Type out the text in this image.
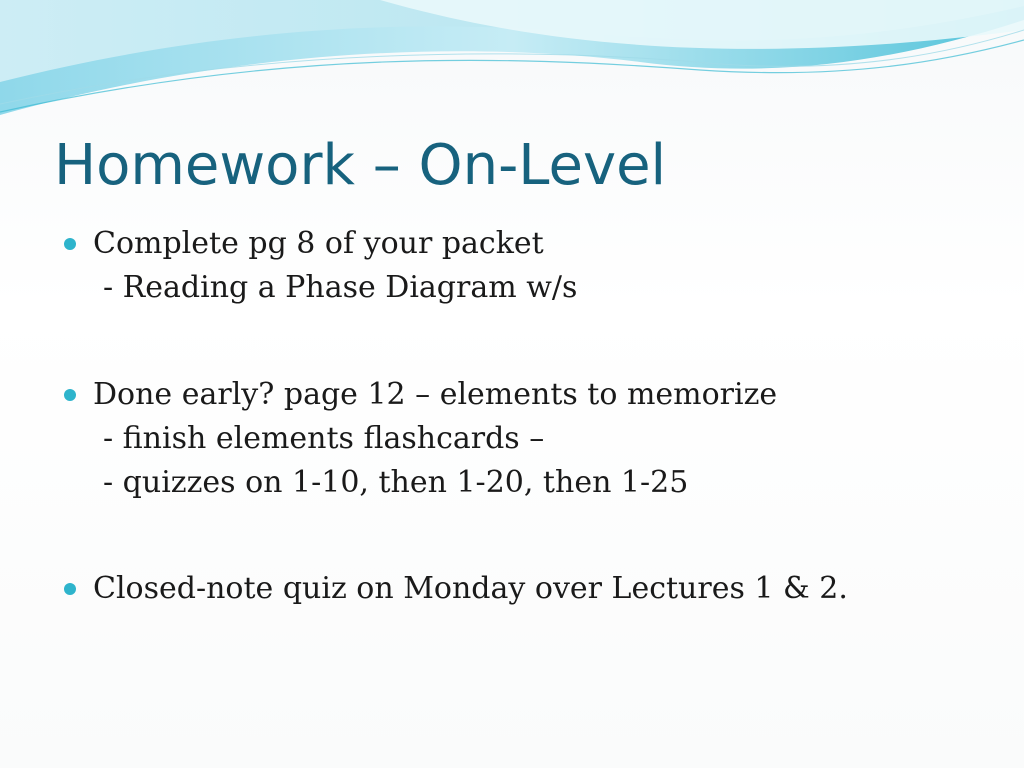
Homework – On-Level
Complete pg 8 of your packet
- Reading a Phase Diagram w/s
Done early? page 12 – elements to memorize
- finish elements flashcards –
- quizzes on 1-10, then 1-20, then 1-25
Closed-note quiz on Monday over Lectures 1 & 2.
